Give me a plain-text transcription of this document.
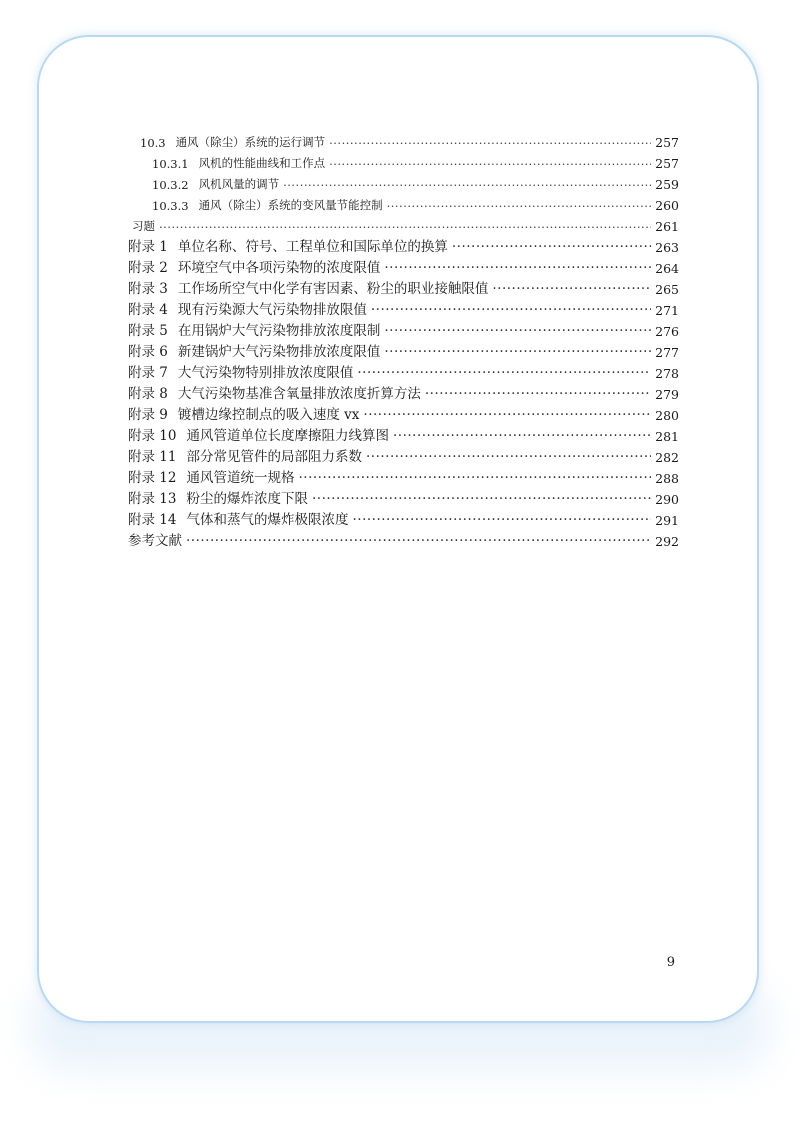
10.3 通风（除尘）系统的运行调节 ·····	257
10.3.1 风机的性能曲线和工作点 ·····	257
10.3.2 风机风量的调节 ·····	259
10.3.3 通风（除尘）系统的变风量节能控制 ·····	260
习题 ·····	261
附录 1 单位名称、符号、工程单位和国际单位的换算 ·····	263
附录 2 环境空气中各项污染物的浓度限值 ·····	264
附录 3 工作场所空气中化学有害因素、粉尘的职业接触限值 ·····	265
附录 4 现有污染源大气污染物排放限值 ·····	271
附录 5 在用锅炉大气污染物排放浓度限制 ·····	276
附录 6 新建锅炉大气污染物排放浓度限值 ·····	277
附录 7 大气污染物特别排放浓度限值 ·····	278
附录 8 大气污染物基准含氧量排放浓度折算方法 ·····	279
附录 9 镀槽边缘控制点的吸入速度 vx ·····	280
附录 10 通风管道单位长度摩擦阻力线算图 ·····	281
附录 11 部分常见管件的局部阻力系数 ·····	282
附录 12 通风管道统一规格 ·····	288
附录 13 粉尘的爆炸浓度下限 ·····	290
附录 14 气体和蒸气的爆炸极限浓度 ·····	291
参考文献 ·····	292
9
